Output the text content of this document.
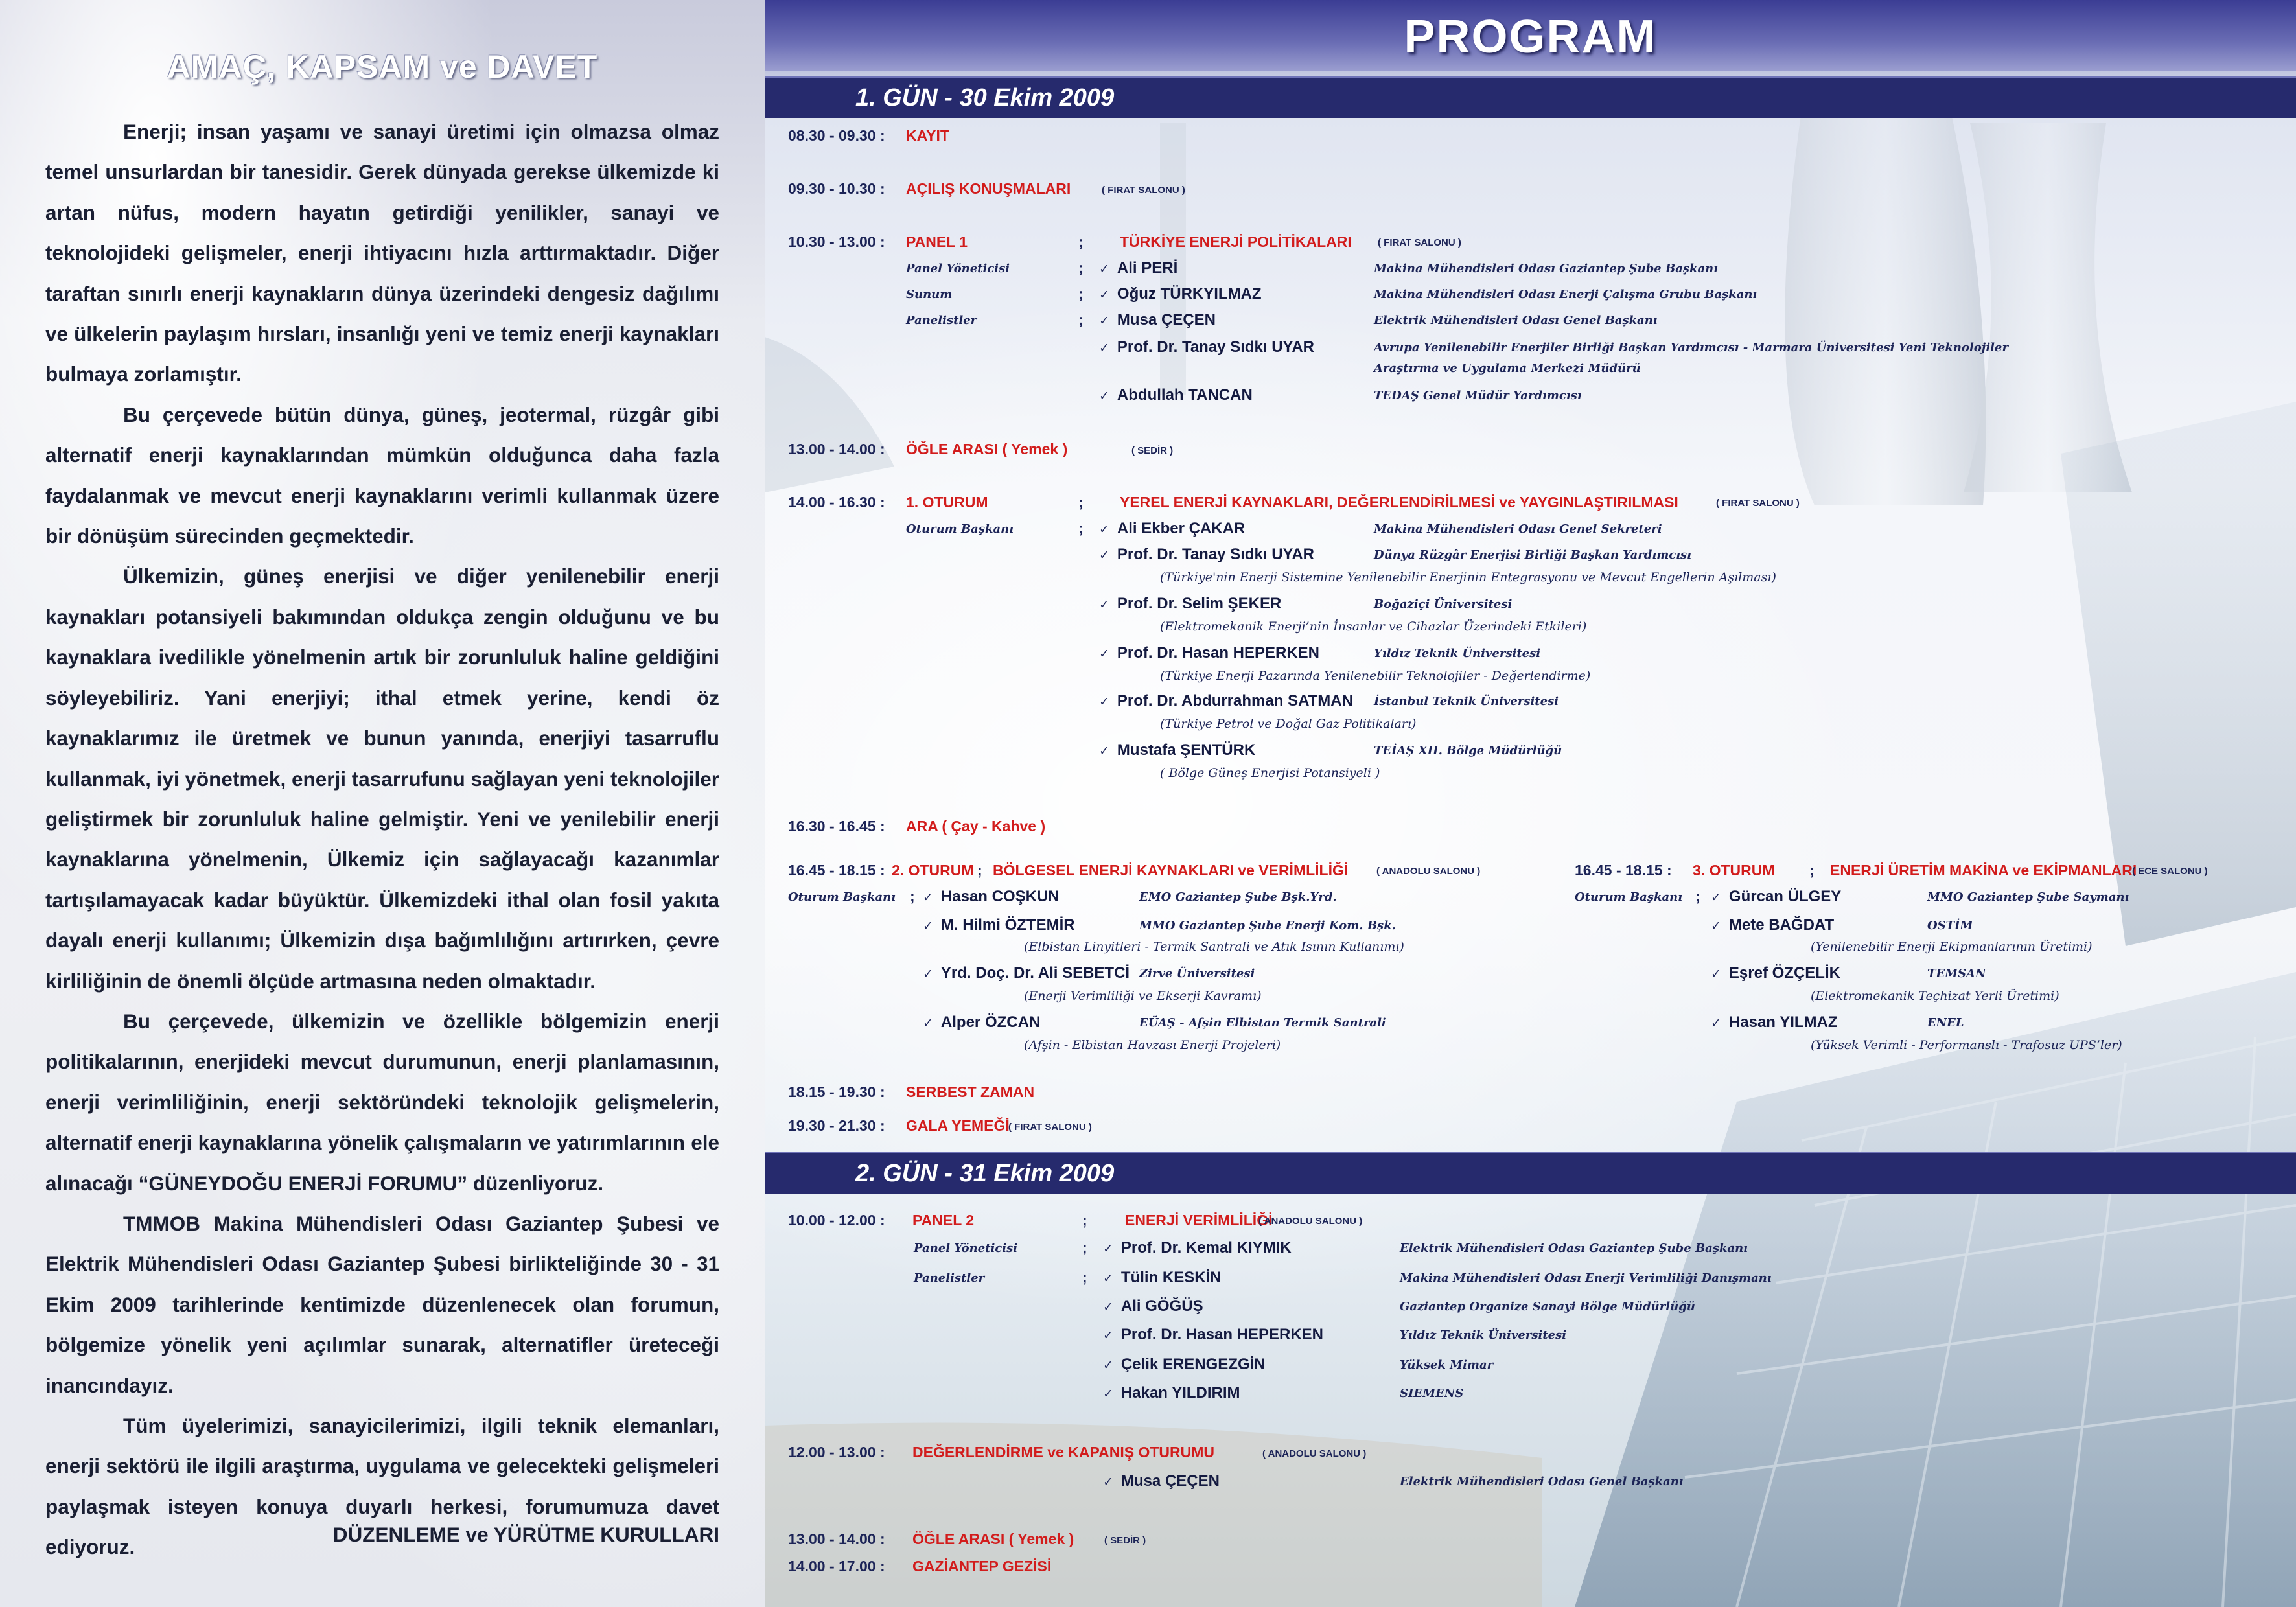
AMAÇ, KAPSAM ve DAVET

Enerji; insan yaşamı ve sanayi üretimi için olmazsa olmaz temel unsurlardan bir tanesidir. Gerek dünyada gerekse ülkemizde ki artan nüfus, modern hayatın getirdiği yenilikler, sanayi ve teknolojideki gelişmeler, enerji ihtiyacını hızla arttırmaktadır. Diğer taraftan sınırlı enerji kaynakların dünya üzerindeki dengesiz dağılımı ve ülkelerin paylaşım hırsları, insanlığı yeni ve temiz enerji kaynakları bulmaya zorlamıştır.

Bu çerçevede bütün dünya, güneş, jeotermal, rüzgâr gibi alternatif enerji kaynaklarından mümkün olduğunca daha fazla faydalanmak ve mevcut enerji kaynaklarını verimli kullanmak üzere bir dönüşüm sürecinden geçmektedir.

Ülkemizin, güneş enerjisi ve diğer yenilenebilir enerji kaynakları potansiyeli bakımından oldukça zengin olduğunu ve bu kaynaklara ivedilikle yönelmenin artık bir zorunluluk haline geldiğini söyleyebiliriz. Yani enerjiyi; ithal etmek yerine, kendi öz kaynaklarımız ile üretmek ve bunun yanında, enerjiyi tasarruflu kullanmak, iyi yönetmek, enerji tasarrufunu sağlayan yeni teknolojiler geliştirmek bir zorunluluk haline gelmiştir. Yeni ve yenilebilir enerji kaynaklarına yönelmenin, Ülkemiz için sağlayacağı kazanımlar tartışılamayacak kadar büyüktür. Ülkemizdeki ithal olan fosil yakıta dayalı enerji kullanımı; Ülkemizin dışa bağımlılığını artırırken, çevre kirliliğinin de önemli ölçüde artmasına neden olmaktadır.

Bu çerçevede, ülkemizin ve özellikle bölgemizin enerji politikalarının, enerjideki mevcut durumunun, enerji planlamasının, enerji verimliliğinin, enerji sektöründeki teknolojik gelişmelerin, alternatif enerji kaynaklarına yönelik çalışmaların ve yatırımlarının ele alınacağı “GÜNEYDOĞU ENERJİ FORUMU” düzenliyoruz.

TMMOB Makina Mühendisleri Odası Gaziantep Şubesi ve Elektrik Mühendisleri Odası Gaziantep Şubesi birlikteliğinde 30 - 31 Ekim 2009 tarihlerinde kentimizde düzenlenecek olan forumun, bölgemize yönelik yeni açılımlar sunarak, alternatifler üreteceği inancındayız.

Tüm üyelerimizi, sanayicilerimizi, ilgili teknik elemanları, enerji sektörü ile ilgili araştırma, uygulama ve gelecekteki gelişmeleri paylaşmak isteyen konuya duyarlı herkesi, forumumuza davet ediyoruz.

DÜZENLEME ve YÜRÜTME KURULLARI
PROGRAM
1. GÜN - 30 Ekim 2009
08.30 - 09.30 : KAYIT
09.30 - 10.30 : AÇILIŞ KONUŞMALARI	( FIRAT SALONU )
10.30 - 13.00 : PANEL 1	; TÜRKİYE ENERJİ POLİTİKALARI	( FIRAT SALONU )
Panel Yöneticisi	; ✓ Ali PERİ	Makina Mühendisleri Odası Gaziantep Şube Başkanı
Sunum	; ✓ Oğuz TÜRKYILMAZ	Makina Mühendisleri Odası Enerji Çalışma Grubu Başkanı
Panelistler	; ✓ Musa ÇEÇEN	Elektrik Mühendisleri Odası Genel Başkanı
✓ Prof. Dr. Tanay Sıdkı UYAR	Avrupa Yenilenebilir Enerjiler Birliği Başkan Yardımcısı - Marmara Üniversitesi Yeni Teknolojiler
Araştırma ve Uygulama Merkezi Müdürü
✓ Abdullah TANCAN	TEDAŞ Genel Müdür Yardımcısı
13.00 - 14.00 : ÖĞLE ARASI ( Yemek )	( SEDİR )
14.00 - 16.30 : 1. OTURUM	; YEREL ENERJİ KAYNAKLARI, DEĞERLENDİRİLMESİ ve YAYGINLAŞTIRILMASI	( FIRAT SALONU )
Oturum Başkanı	; ✓ Ali Ekber ÇAKAR	Makina Mühendisleri Odası Genel Sekreteri
✓ Prof. Dr. Tanay Sıdkı UYAR	Dünya Rüzgâr Enerjisi Birliği Başkan Yardımcısı
(Türkiye'nin Enerji Sistemine Yenilenebilir Enerjinin Entegrasyonu ve Mevcut Engellerin Aşılması)
✓ Prof. Dr. Selim ŞEKER	Boğaziçi Üniversitesi
(Elektromekanik Enerji’nin İnsanlar ve Cihazlar Üzerindeki Etkileri)
✓ Prof. Dr. Hasan HEPERKEN	Yıldız Teknik Üniversitesi
(Türkiye Enerji Pazarında Yenilenebilir Teknolojiler - Değerlendirme)
✓ Prof. Dr. Abdurrahman SATMAN İstanbul Teknik Üniversitesi
(Türkiye Petrol ve Doğal Gaz Politikaları)
✓ Mustafa ŞENTÜRK	TEİAŞ XII. Bölge Müdürlüğü
( Bölge Güneş Enerjisi Potansiyeli )
16.30 - 16.45 : ARA ( Çay - Kahve )
16.45 - 18.15 : 2. OTURUM ; BÖLGESEL ENERJİ KAYNAKLARI ve VERİMLİLİĞİ	( ANADOLU SALONU )
Oturum Başkanı ; ✓ Hasan COŞKUN	EMO Gaziantep Şube Bşk.Yrd.
✓ M. Hilmi ÖZTEMİR	MMO Gaziantep Şube Enerji Kom. Bşk.
(Elbistan Linyitleri - Termik Santrali ve Atık Isının Kullanımı)
✓ Yrd. Doç. Dr. Ali SEBETCİ Zirve Üniversitesi
(Enerji Verimliliği ve Ekserji Kavramı)
✓ Alper ÖZCAN	EÜAŞ - Afşin Elbistan Termik Santrali
(Afşin - Elbistan Havzası Enerji Projeleri)
16.45 - 18.15 : 3. OTURUM ; ENERJİ ÜRETİM MAKİNA ve EKİPMANLARI
( ECE SALONU )
Oturum Başkanı ; ✓ Gürcan ÜLGEY	MMO Gaziantep Şube Saymanı
✓ Mete BAĞDAT	OSTİM
(Yenilenebilir Enerji Ekipmanlarının Üretimi)
✓ Eşref ÖZÇELİK	TEMSAN
(Elektromekanik Teçhizat Yerli Üretimi)
✓ Hasan YILMAZ	ENEL
(Yüksek Verimli - Performanslı - Trafosuz UPS’ler)
18.15 - 19.30 : SERBEST ZAMAN
19.30 - 21.30 : GALA YEMEĞİ
( FIRAT SALONU )
2. GÜN - 31 Ekim 2009
10.00 - 12.00 : PANEL 2	;	ENERJİ VERİMLİLİĞİ
( ANADOLU SALONU )
Panel Yöneticisi	; ✓ Prof. Dr. Kemal KIYMIK	Elektrik Mühendisleri Odası Gaziantep Şube Başkanı
Panelistler	; ✓ Tülin KESKİN	Makina Mühendisleri Odası Enerji Verimliliği Danışmanı
✓ Ali GÖĞÜŞ	Gaziantep Organize Sanayi Bölge Müdürlüğü
✓ Prof. Dr. Hasan HEPERKEN	Yıldız Teknik Üniversitesi
✓ Çelik ERENGEZGİN	Yüksek Mimar
✓ Hakan YILDIRIM	SIEMENS
12.00 - 13.00 : DEĞERLENDİRME ve KAPANIŞ OTURUMU	( ANADOLU SALONU )
✓ Musa ÇEÇEN	Elektrik Mühendisleri Odası Genel Başkanı
13.00 - 14.00 : ÖĞLE ARASI ( Yemek )	( SEDİR )
14.00 - 17.00 : GAZİANTEP GEZİSİ
